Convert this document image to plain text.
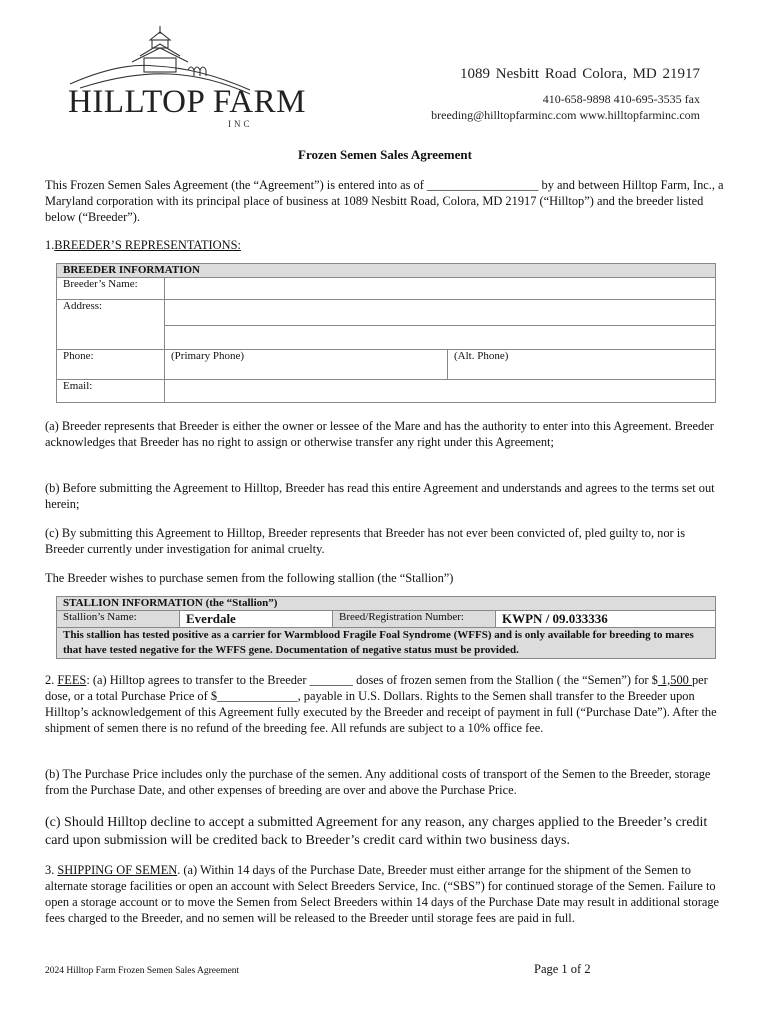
HILLTOP FARM
INC
1089 Nesbitt Road Colora, MD 21917
410-658-9898 410-695-3535 fax
breeding@hilltopfarminc.com www.hilltopfarminc.com
Frozen Semen Sales Agreement
This Frozen Semen Sales Agreement (the “Agreement”) is entered into as of __________________ by and between Hilltop Farm, Inc., a Maryland corporation with its principal place of business at 1089 Nesbitt Road, Colora, MD 21917 (“Hilltop”) and the breeder listed below (“Breeder”).
1.BREEDER’S REPRESENTATIONS:
BREEDER INFORMATION		
Breeder’s Name:		
Address:		

Phone:	(Primary Phone)	(Alt. Phone)
Email:		
(a) Breeder represents that Breeder is either the owner or lessee of the Mare and has the authority to enter into this Agreement. Breeder acknowledges that Breeder has no right to assign or otherwise transfer any right under this Agreement;
(b) Before submitting the Agreement to Hilltop, Breeder has read this entire Agreement and understands and agrees to the terms set out herein;
(c) By submitting this Agreement to Hilltop, Breeder represents that Breeder has not ever been convicted of, pled guilty to, nor is Breeder currently under investigation for animal cruelty.
The Breeder wishes to purchase semen from the following stallion (the “Stallion”)
STALLION INFORMATION (the “Stallion”)
Stallion’s Name:	Everdale	Breed/Registration Number:	KWPN / 09.033336
This stallion has tested positive as a carrier for Warmblood Fragile Foal Syndrome (WFFS) and is only available for breeding to mares that have tested negative for the WFFS gene. Documentation of negative status must be provided.
2. FEES: (a) Hilltop agrees to transfer to the Breeder _______ doses of frozen semen from the Stallion ( the “Semen”) for $ 1,500 per dose, or a total Purchase Price of $_____________, payable in U.S. Dollars. Rights to the Semen shall transfer to the Breeder upon Hilltop’s acknowledgement of this Agreement fully executed by the Breeder and receipt of payment in full (“Purchase Date”). After the shipment of semen there is no refund of the breeding fee. All refunds are subject to a 10% office fee.
(b) The Purchase Price includes only the purchase of the semen. Any additional costs of transport of the Semen to the Breeder, storage from the Purchase Date, and other expenses of breeding are over and above the Purchase Price.
(c) Should Hilltop decline to accept a submitted Agreement for any reason, any charges applied to the Breeder’s credit card upon submission will be credited back to Breeder’s credit card within two business days.
3. SHIPPING OF SEMEN. (a) Within 14 days of the Purchase Date, Breeder must either arrange for the shipment of the Semen to alternate storage facilities or open an account with Select Breeders Service, Inc. (“SBS”) for continued storage of the Semen. Failure to open a storage account or to move the Semen from Select Breeders within 14 days of the Purchase Date may result in additional storage fees charged to the Breeder, and no semen will be released to the Breeder until storage fees are paid in full.
2024 Hilltop Farm Frozen Semen Sales Agreement	Page 1 of 2
